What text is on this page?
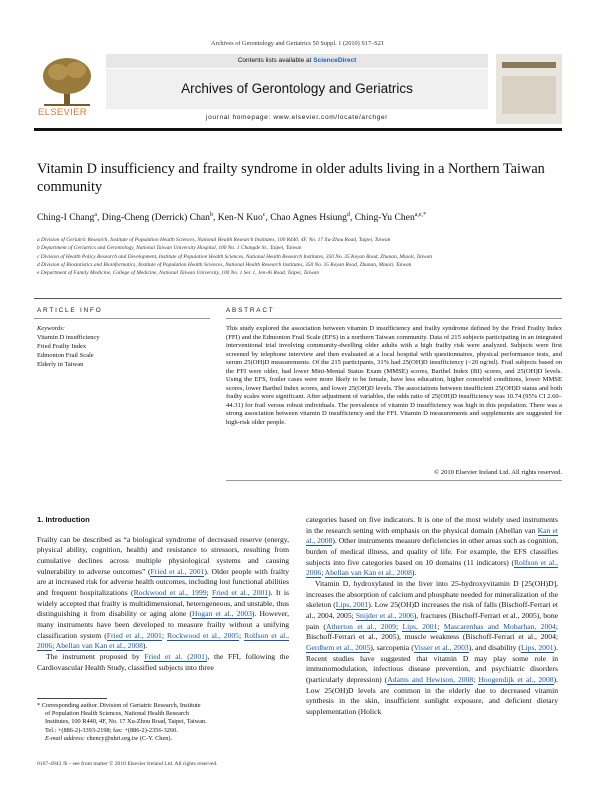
Archives of Gerontology and Geriatrics 50 Suppl. 1 (2010) S17–S21
ELSEVIER
Contents lists available at ScienceDirect
Archives of Gerontology and Geriatrics
journal homepage: www.elsevier.com/locate/archger
Vitamin D insufficiency and frailty syndrome in older adults living in a Northern Taiwan community
Ching-I Chang$^a$, Ding-Cheng (Derrick) Chan$^b$, Ken-N Kuo$^c$, Chao Agnes Hsiung$^d$, Ching-Yu Chen$^{a,e,*}$
a Division of Geriatric Research, Institute of Population Health Sciences, National Health Research Institutes, 100 R440, 4F, No. 17 Xu-Zhou Road, Taipei, Taiwan
b Department of Geriatrics and Gerontology, National Taiwan University Hospital, 100 No. 1 Changde St., Taipei, Taiwan
c Division of Health Policy Research and Development, Institute of Population Health Sciences, National Health Research Institutes, 350 No. 35 Keyan Road, Zhunan, Miaoli, Taiwan
d Division of Biostatistics and Bioinformatics, Institute of Population Health Sciences, National Health Research Institutes, 350 No. 35 Keyan Road, Zhunan, Miaoli, Taiwan
e Department of Family Medicine, College of Medicine, National Taiwan University, 100 No. 1 Sec 1, Jen-Ai Road, Taipei, Taiwan
ARTICLE INFO	ABSTRACT
Keywords:
Vitamin D insufficiency
Fried Frailty Index
Edmonton Frail Scale
Elderly in Taiwan
This study explored the association between vitamin D insufficiency and frailty syndrome defined by the Fried Frailty Index (FFI) and the Edmonton Frail Scale (EFS) in a northern Taiwan community. Data of 215 subjects participating in an integrated interventional trial involving community-dwelling older adults with a high frailty risk were analyzed. Subjects were first screened by telephone interview and then evaluated at a local hospital with questionnaires, physical performance tests, and serum 25(OH)D measurements. Of the 215 participants, 31% had 25(OH)D insufficiency (<20 ng/ml). Frail subjects based on the FFI were older, had lower Mini-Mental Status Exam (MMSE) scores, Barthel Index (BI) scores, and 25(OH)D levels. Using the EFS, frailer cases were more likely to be female, have less education, higher comorbid conditions, lower MMSE scores, lower Barthel Index scores, and lower 25(OH)D levels. The associations between insufficient 25(OH)D status and both frailty scales were significant. After adjustment of variables, the odds ratio of 25(OH)D insufficiency was 10.74 (95% CI 2.60–44.31) for frail versus robust individuals. The prevalence of vitamin D insufficiency was high in this population. There was a strong association between vitamin D insufficiency and the FFI. Vitamin D measurements and supplements are suggested for high-risk older people.
© 2010 Elsevier Ireland Ltd. All rights reserved.
1. Introduction

Frailty can be described as “a biological syndrome of decreased reserve (energy, physical ability, cognition, health) and resistance to stressors, resulting from cumulative declines across multiple physiological systems and causing vulnerability to adverse outcomes” (Fried et al., 2001). Older people with frailty are at increased risk for adverse health outcomes, including lost functional abilities and frequent hospitalizations (Rockwood et al., 1999; Fried et al., 2001). It is widely accepted that frailty is multidimensional, heterogeneous, and unstable, thus distinguishing it from disability or aging alone (Hogan et al., 2003). However, many instruments have been developed to measure frailty without a unifying classification system (Fried et al., 2001; Rockwood et al., 2005; Rolfson et al., 2006; Abellan van Kan et al., 2008).

The instrument proposed by Fried et al. (2001), the FFI, following the Cardiovascular Health Study, classified subjects into three

categories based on five indicators. It is one of the most widely used instruments in the research setting with emphasis on the physical domain (Abellan van Kan et al., 2008). Other instruments measure deficiencies in other areas such as cognition, burden of medical illness, and quality of life. For example, the EFS classifies subjects into five categories based on 10 domains (11 indicators) (Rolfson et al., 2006; Abellan van Kan et al., 2008).

Vitamin D, hydroxylated in the liver into 25-hydroxyvitamin D [25(OH)D], increases the absorption of calcium and phosphate needed for mineralization of the skeleton (Lips, 2001). Low 25(OH)D increases the risk of falls (Bischoff-Ferrari et al., 2004, 2005; Snijder et al., 2006), fractures (Bischoff-Ferrari et al., 2005), bone pain (Atherton et al., 2009; Lips, 2001; Mascarenhas and Mobarhan, 2004; Bischoff-Ferrari et al., 2005), muscle weakness (Bischoff-Ferrari et al., 2004; Gerdhem et al., 2005), sarcopenia (Visser et al., 2003), and disability (Lips, 2001). Recent studies have suggested that vitamin D may play some role in immunomodulation, infectious disease prevention, and psychiatric disorders (particularly depression) (Adams and Hewison, 2008; Hoogendijk et al., 2008). Low 25(OH)D levels are common in the elderly due to decreased vitamin synthesis in the skin, insufficient sunlight exposure, and deficient dietary supplementation (Holick

* Corresponding author. Division of Geriatric Research, Institute
of Population Health Sciences, National Health Research
Institutes, 100 R440, 4F, No. 17 Xu-Zhou Road, Taipei, Taiwan.
Tel.: +(886-2)-3393-2198; fax: +(886-2)-2356-3260.
E-mail address: chency@nhri.org.tw (C-Y. Chen).
0167-4943 /$ – see front matter © 2010 Elsevier Ireland Ltd. All rights reserved.
